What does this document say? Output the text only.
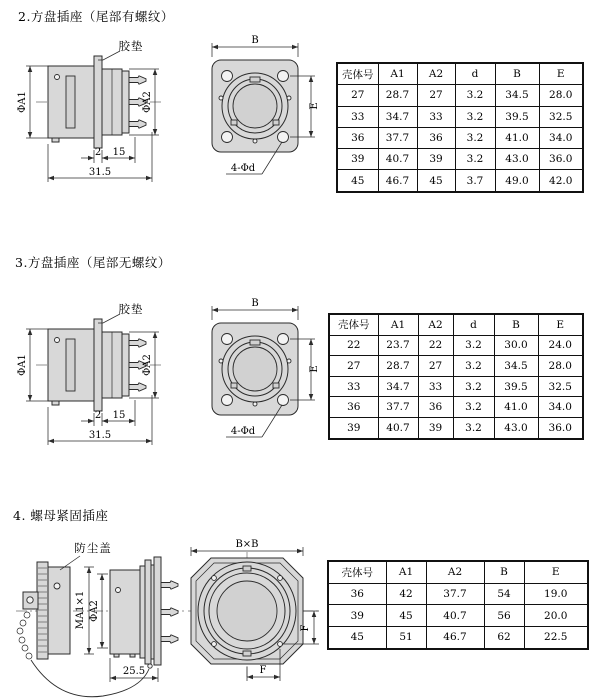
胶垫
ΦA1	ΦA2
2 15
31.5
B
E
4-Φd
胶垫
ΦA1	ΦA2
2 15
31.5
B
E
4-Φd
防尘盖
MA1×1 ΦA2
25.5
B×B
F
F
2.方盘插座（尾部有螺纹）
3.方盘插座（尾部无螺纹）
4. 螺母紧固插座
壳体号	A1	A2	d	B	E
27	28.7	27	3.2	34.5	28.0
33	34.7	33	3.2	39.5	32.5
36	37.7	36	3.2	41.0	34.0
39	40.7	39	3.2	43.0	36.0
45	46.7	45	3.7	49.0	42.0
壳体号	A1	A2	d	B	E
22	23.7	22	3.2	30.0	24.0
27	28.7	27	3.2	34.5	28.0
33	34.7	33	3.2	39.5	32.5
36	37.7	36	3.2	41.0	34.0
39	40.7	39	3.2	43.0	36.0
壳体号	A1	A2	B	E
36	42	37.7	54	19.0
39	45	40.7	56	20.0
45	51	46.7	62	22.5
